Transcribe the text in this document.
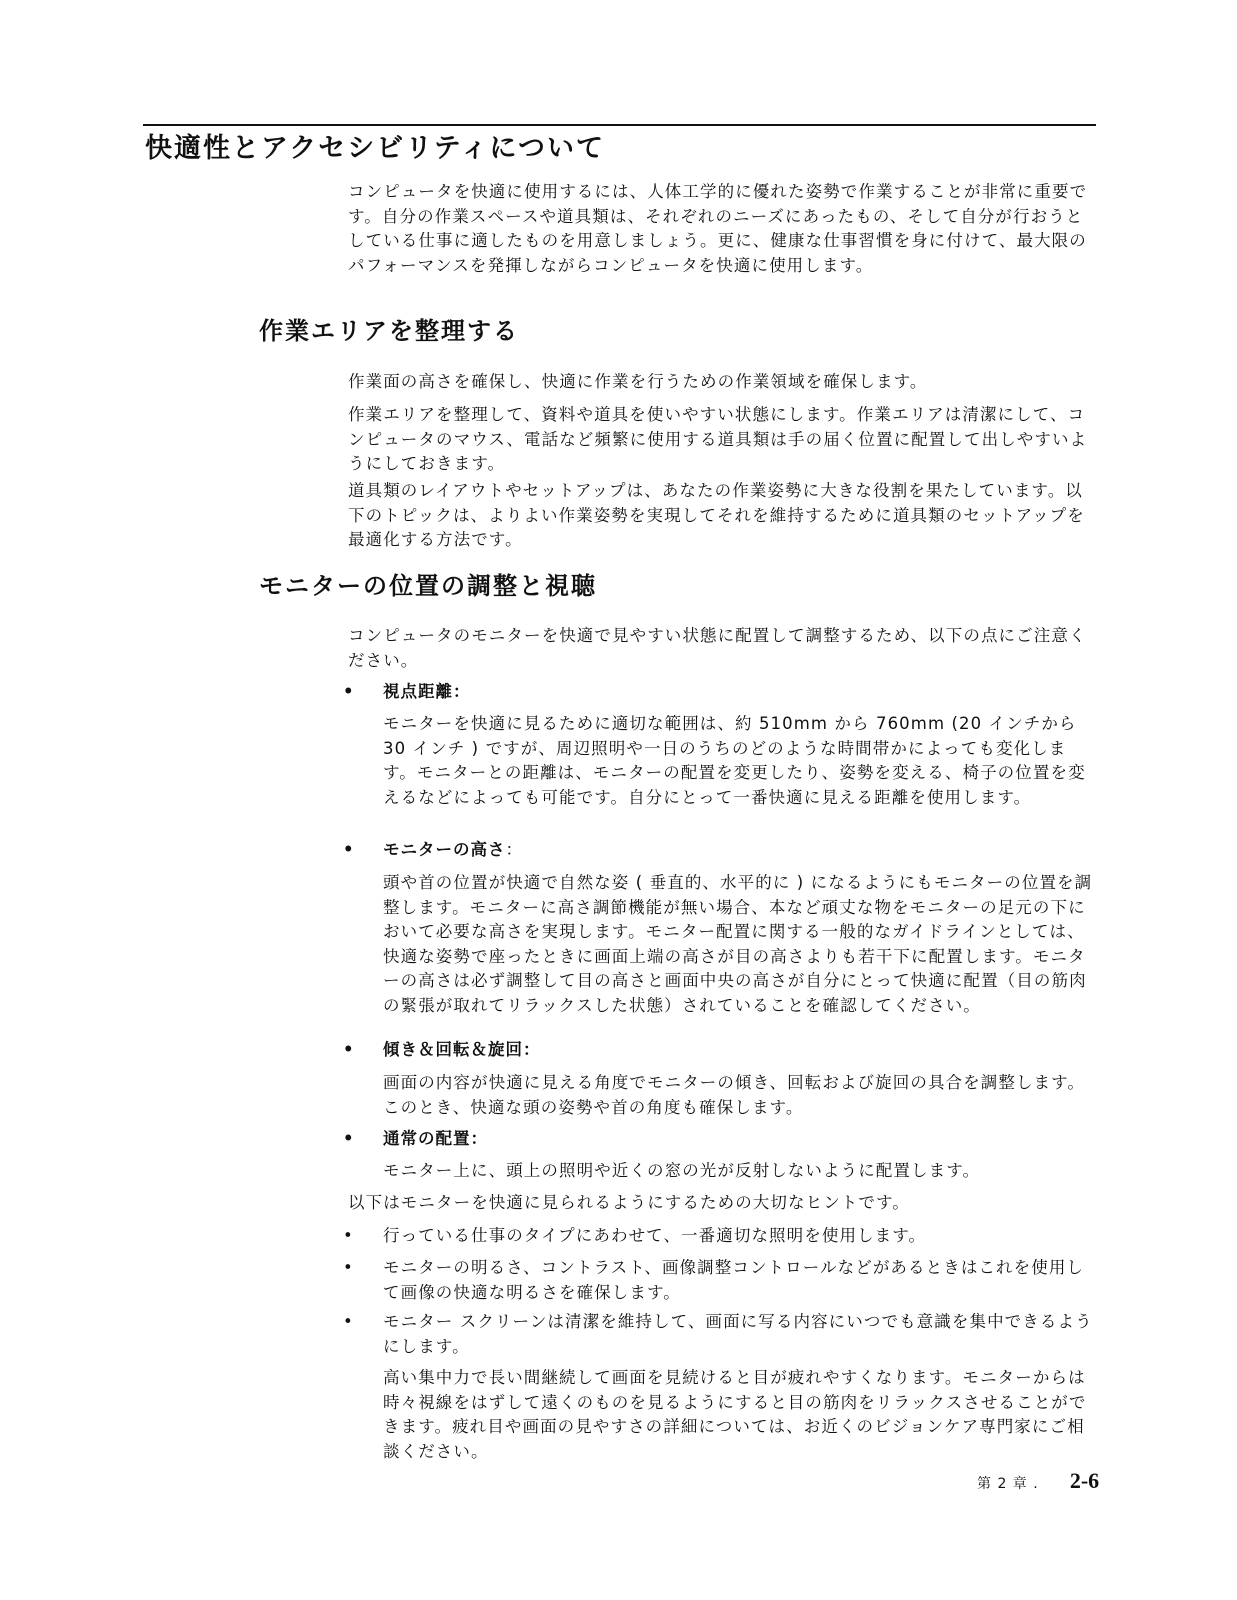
快適性とアクセシビリティについて

コンピュータを快適に使用するには、人体工学的に優れた姿勢で作業することが非常に重要です。自分の作業スペースや道具類は、それぞれのニーズにあったもの、そして自分が行おうとしている仕事に適したものを用意しましょう。更に、健康な仕事習慣を身に付けて、最大限のパフォーマンスを発揮しながらコンピュータを快適に使用します。

作業エリアを整理する

作業面の高さを確保し、快適に作業を行うための作業領域を確保します。

作業エリアを整理して、資料や道具を使いやすい状態にします。作業エリアは清潔にして、コンピュータのマウス、電話など頻繁に使用する道具類は手の届く位置に配置して出しやすいようにしておきます。

道具類のレイアウトやセットアップは、あなたの作業姿勢に大きな役割を果たしています。以下のトピックは、よりよい作業姿勢を実現してそれを維持するために道具類のセットアップを最適化する方法です。

モニターの位置の調整と視聴

コンピュータのモニターを快適で見やすい状態に配置して調整するため、以下の点にご注意ください。

• 視点距離：

モニターを快適に見るために適切な範囲は、約 510mm から 760mm (20 インチから 30 インチ ) ですが、周辺照明や一日のうちのどのような時間帯かによっても変化します。モニターとの距離は、モニターの配置を変更したり、姿勢を変える、椅子の位置を変えるなどによっても可能です。自分にとって一番快適に見える距離を使用します。

• モニターの高さ：

頭や首の位置が快適で自然な姿 ( 垂直的、水平的に ) になるようにもモニターの位置を調整します。モニターに高さ調節機能が無い場合、本など頑丈な物をモニターの足元の下において必要な高さを実現します。モニター配置に関する一般的なガイドラインとしては、快適な姿勢で座ったときに画面上端の高さが目の高さよりも若干下に配置します。モニターの高さは必ず調整して目の高さと画面中央の高さが自分にとって快適に配置（目の筋肉の緊張が取れてリラックスした状態）されていることを確認してください。

• 傾き＆回転＆旋回：

画面の内容が快適に見える角度でモニターの傾き、回転および旋回の具合を調整します。このとき、快適な頭の姿勢や首の角度も確保します。

• 通常の配置：

モニター上に、頭上の照明や近くの窓の光が反射しないように配置します。

以下はモニターを快適に見られるようにするための大切なヒントです。

• 行っている仕事のタイプにあわせて、一番適切な照明を使用します。
• モニターの明るさ、コントラスト、画像調整コントロールなどがあるときはこれを使用して画像の快適な明るさを確保します。
• モニター スクリーンは清潔を維持して、画面に写る内容にいつでも意識を集中できるようにします。

高い集中力で長い間継続して画面を見続けると目が疲れやすくなります。モニターからは時々視線をはずして遠くのものを見るようにすると目の筋肉をリラックスさせることができます。疲れ目や画面の見やすさの詳細については、お近くのビジョンケア専門家にご相談ください。

第 2 章 . 2-6
